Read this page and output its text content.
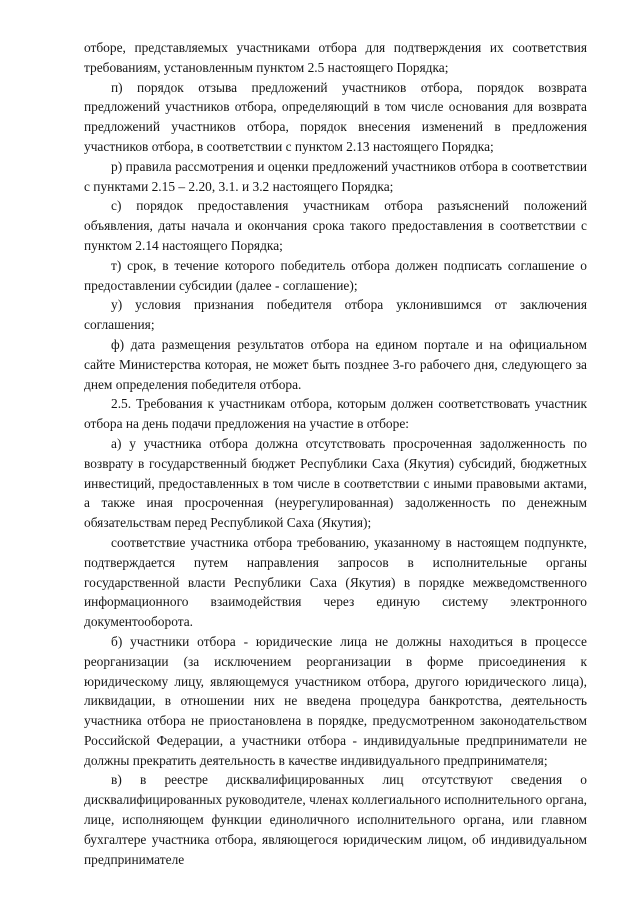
отборе, представляемых участниками отбора для подтверждения их соответствия требованиям, установленным пунктом 2.5 настоящего Порядка;

п) порядок отзыва предложений участников отбора, порядок возврата предложений участников отбора, определяющий в том числе основания для возврата предложений участников отбора, порядок внесения изменений в предложения участников отбора, в соответствии с пунктом 2.13 настоящего Порядка;

р) правила рассмотрения и оценки предложений участников отбора в соответствии с пунктами 2.15 – 2.20, 3.1. и 3.2 настоящего Порядка;

с) порядок предоставления участникам отбора разъяснений положений объявления, даты начала и окончания срока такого предоставления в соответствии с пунктом 2.14 настоящего Порядка;

т) срок, в течение которого победитель отбора должен подписать соглашение о предоставлении субсидии (далее - соглашение);

у) условия признания победителя отбора уклонившимся от заключения соглашения;

ф) дата размещения результатов отбора на едином портале и на официальном сайте Министерства которая, не может быть позднее 3-го рабочего дня, следующего за днем определения победителя отбора.

2.5. Требования к участникам отбора, которым должен соответствовать участник отбора на день подачи предложения на участие в отборе:

а) у участника отбора должна отсутствовать просроченная задолженность по возврату в государственный бюджет Республики Саха (Якутия) субсидий, бюджетных инвестиций, предоставленных в том числе в соответствии с иными правовыми актами, а также иная просроченная (неурегулированная) задолженность по денежным обязательствам перед Республикой Саха (Якутия);

соответствие участника отбора требованию, указанному в настоящем подпункте, подтверждается путем направления запросов в исполнительные органы государственной власти Республики Саха (Якутия) в порядке межведомственного информационного взаимодействия через единую систему электронного документооборота.

б) участники отбора - юридические лица не должны находиться в процессе реорганизации (за исключением реорганизации в форме присоединения к юридическому лицу, являющемуся участником отбора, другого юридического лица), ликвидации, в отношении них не введена процедура банкротства, деятельность участника отбора не приостановлена в порядке, предусмотренном законодательством Российской Федерации, а участники отбора - индивидуальные предприниматели не должны прекратить деятельность в качестве индивидуального предпринимателя;

в) в реестре дисквалифицированных лиц отсутствуют сведения о дисквалифицированных руководителе, членах коллегиального исполнительного органа, лице, исполняющем функции единоличного исполнительного органа, или главном бухгалтере участника отбора, являющегося юридическим лицом, об индивидуальном предпринимателе
